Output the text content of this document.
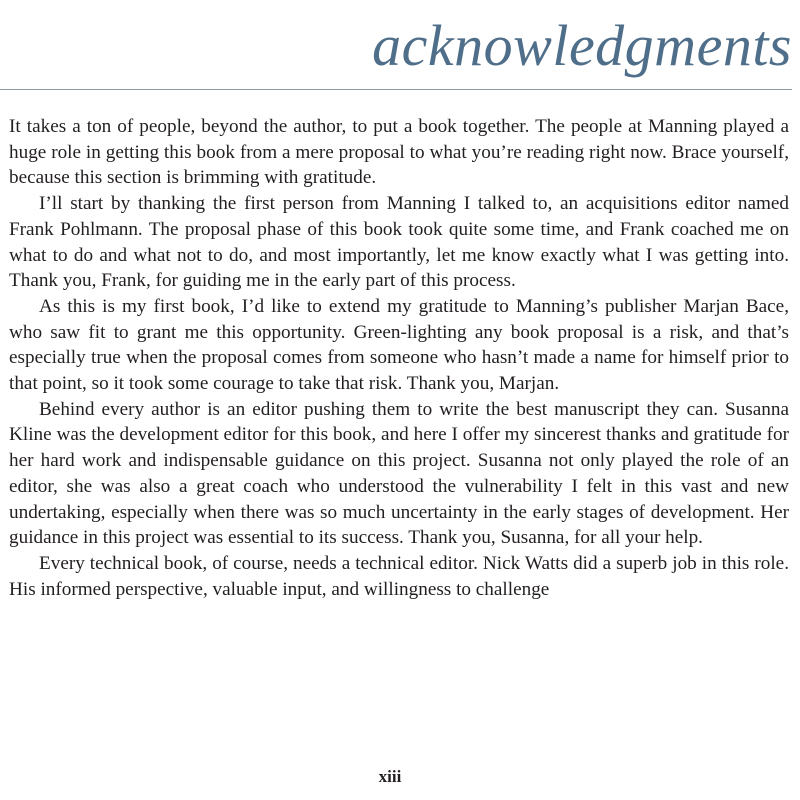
acknowledgments

It takes a ton of people, beyond the author, to put a book together. The people at Manning played a huge role in getting this book from a mere proposal to what you’re reading right now. Brace yourself, because this section is brimming with gratitude.

I’ll start by thanking the first person from Manning I talked to, an acquisitions editor named Frank Pohlmann. The proposal phase of this book took quite some time, and Frank coached me on what to do and what not to do, and most importantly, let me know exactly what I was getting into. Thank you, Frank, for guiding me in the early part of this process.

As this is my first book, I’d like to extend my gratitude to Manning’s publisher Marjan Bace, who saw fit to grant me this opportunity. Green-lighting any book proposal is a risk, and that’s especially true when the proposal comes from someone who hasn’t made a name for himself prior to that point, so it took some courage to take that risk. Thank you, Marjan.

Behind every author is an editor pushing them to write the best manuscript they can. Susanna Kline was the development editor for this book, and here I offer my sincerest thanks and gratitude for her hard work and indispensable guidance on this project. Susanna not only played the role of an editor, she was also a great coach who understood the vulnerability I felt in this vast and new undertaking, especially when there was so much uncertainty in the early stages of development. Her guidance in this project was essential to its success. Thank you, Susanna, for all your help.

Every technical book, of course, needs a technical editor. Nick Watts did a superb job in this role. His informed perspective, valuable input, and willingness to challenge

xiii
